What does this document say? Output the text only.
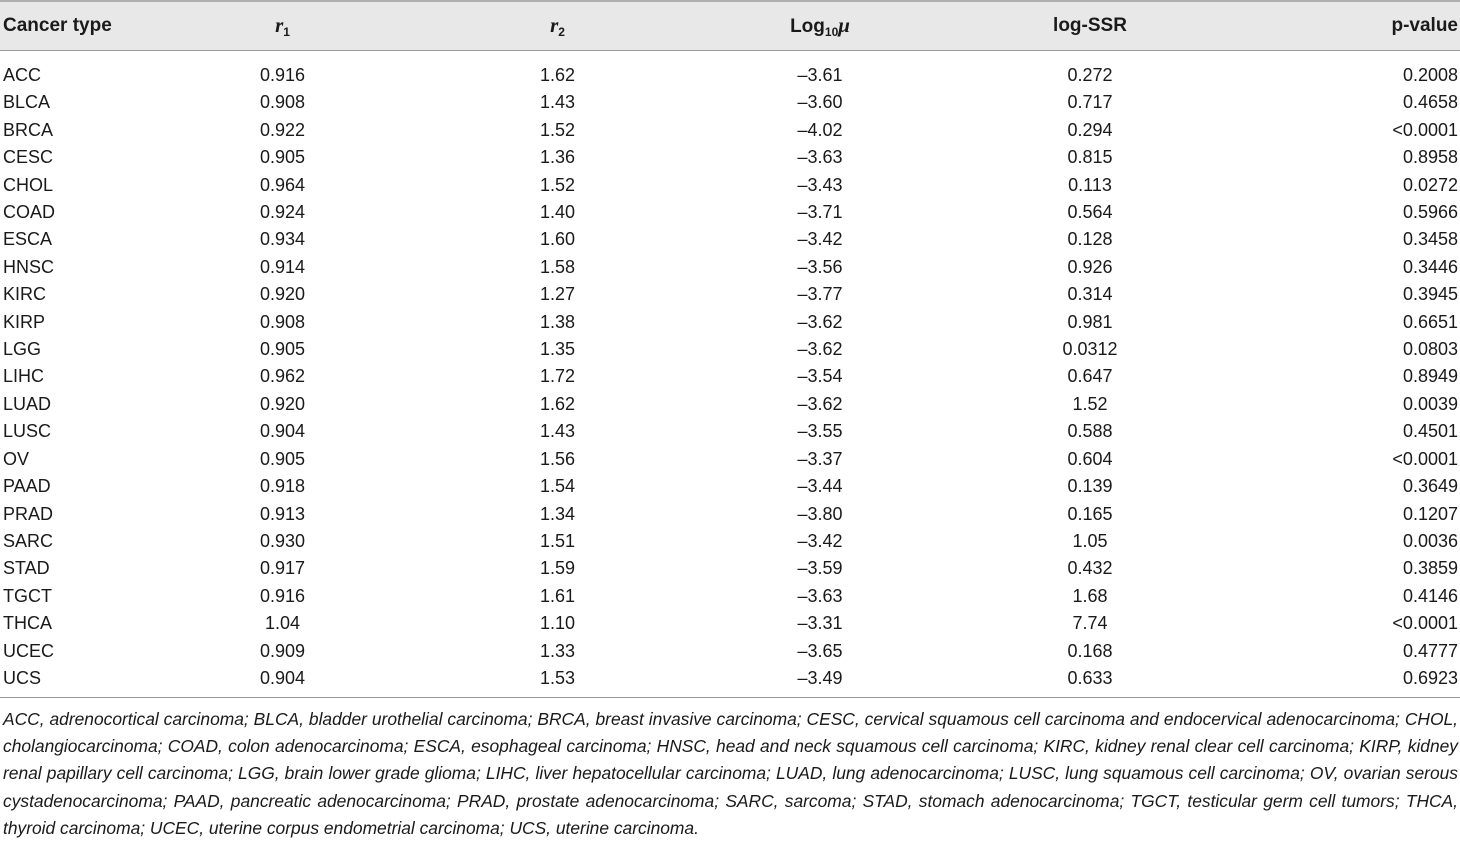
Cancer type	$r_1$	$r_2$	Log$_{10}$μ	log-SSR	p-value
ACC	0.916	1.62	–3.61	0.272	0.2008
BLCA	0.908	1.43	–3.60	0.717	0.4658
BRCA	0.922	1.52	–4.02	0.294	<0.0001
CESC	0.905	1.36	–3.63	0.815	0.8958
CHOL	0.964	1.52	–3.43	0.113	0.0272
COAD	0.924	1.40	–3.71	0.564	0.5966
ESCA	0.934	1.60	–3.42	0.128	0.3458
HNSC	0.914	1.58	–3.56	0.926	0.3446
KIRC	0.920	1.27	–3.77	0.314	0.3945
KIRP	0.908	1.38	–3.62	0.981	0.6651
LGG	0.905	1.35	–3.62	0.0312	0.0803
LIHC	0.962	1.72	–3.54	0.647	0.8949
LUAD	0.920	1.62	–3.62	1.52	0.0039
LUSC	0.904	1.43	–3.55	0.588	0.4501
OV	0.905	1.56	–3.37	0.604	<0.0001
PAAD	0.918	1.54	–3.44	0.139	0.3649
PRAD	0.913	1.34	–3.80	0.165	0.1207
SARC	0.930	1.51	–3.42	1.05	0.0036
STAD	0.917	1.59	–3.59	0.432	0.3859
TGCT	0.916	1.61	–3.63	1.68	0.4146
THCA	1.04	1.10	–3.31	7.74	<0.0001
UCEC	0.909	1.33	–3.65	0.168	0.4777
UCS	0.904	1.53	–3.49	0.633	0.6923
ACC, adrenocortical carcinoma; BLCA, bladder urothelial carcinoma; BRCA, breast invasive carcinoma; CESC, cervical squamous cell carcinoma and endocervical adenocarcinoma; CHOL, cholangiocarcinoma; COAD, colon adenocarcinoma; ESCA, esophageal carcinoma; HNSC, head and neck squamous cell carcinoma; KIRC, kidney renal clear cell carcinoma; KIRP, kidney renal papillary cell carcinoma; LGG, brain lower grade glioma; LIHC, liver hepatocellular carcinoma; LUAD, lung adenocarcinoma; LUSC, lung squamous cell carcinoma; OV, ovarian serous cystadenocarcinoma; PAAD, pancreatic adenocarcinoma; PRAD, prostate adenocarcinoma; SARC, sarcoma; STAD, stomach adenocarcinoma; TGCT, testicular germ cell tumors; THCA, thyroid carcinoma; UCEC, uterine corpus endometrial carcinoma; UCS, uterine carcinoma.
